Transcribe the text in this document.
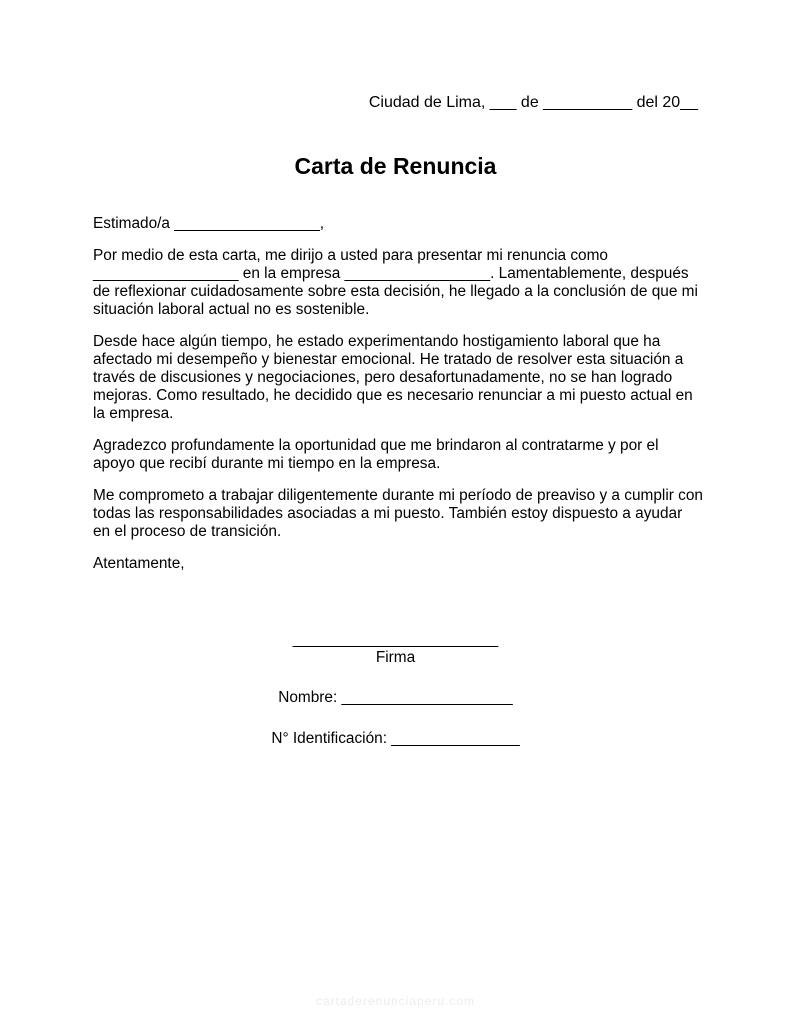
Ciudad de Lima, ___ de __________ del 20__
Carta de Renuncia

Estimado/a _________________,

Por medio de esta carta, me dirijo a usted para presentar mi renuncia como _________________ en la empresa _________________. Lamentablemente, después de reflexionar cuidadosamente sobre esta decisión, he llegado a la conclusión de que mi situación laboral actual no es sostenible.

Desde hace algún tiempo, he estado experimentando hostigamiento laboral que ha afectado mi desempeño y bienestar emocional. He tratado de resolver esta situación a través de discusiones y negociaciones, pero desafortunadamente, no se han logrado mejoras. Como resultado, he decidido que es necesario renunciar a mi puesto actual en la empresa.

Agradezco profundamente la oportunidad que me brindaron al contratarme y por el apoyo que recibí durante mi tiempo en la empresa.

Me comprometo a trabajar diligentemente durante mi período de preaviso y a cumplir con todas las responsabilidades asociadas a mi puesto. También estoy dispuesto a ayudar en el proceso de transición.

Atentamente,

________________________
Firma
Nombre: ____________________
N° Identificación: _______________
cartaderenunciaperu.com
